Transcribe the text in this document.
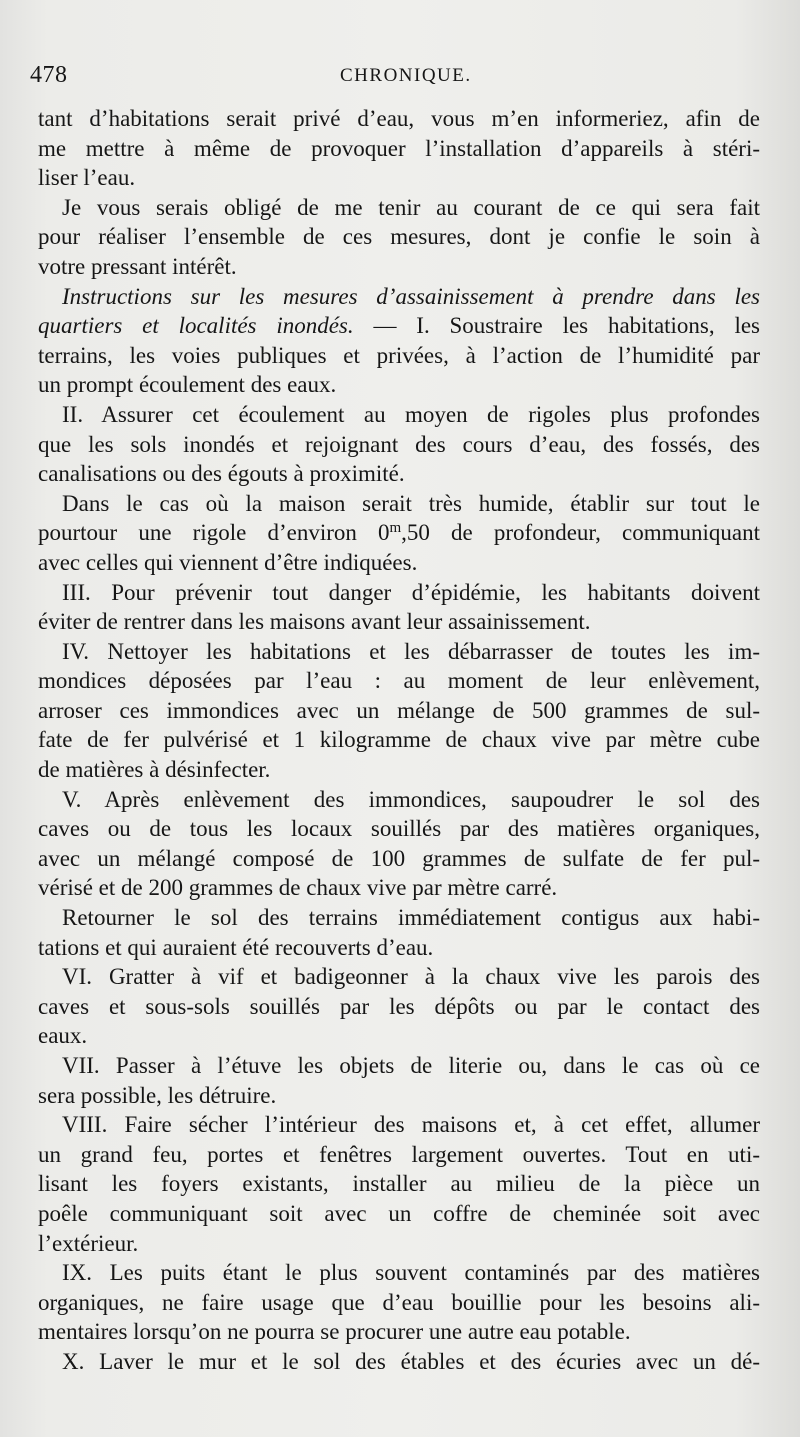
478	CHRONIQUE.
tant d’habitations serait privé d’eau, vous m’en informeriez, afin de
me mettre à même de provoquer l’installation d’appareils à stéri-
liser l’eau.
Je vous serais obligé de me tenir au courant de ce qui sera fait
pour réaliser l’ensemble de ces mesures, dont je confie le soin à
votre pressant intérêt.
Instructions sur les mesures d’assainissement à prendre dans les
quartiers et localités inondés. — I. Soustraire les habitations, les
terrains, les voies publiques et privées, à l’action de l’humidité par
un prompt écoulement des eaux.
II. Assurer cet écoulement au moyen de rigoles plus profondes
que les sols inondés et rejoignant des cours d’eau, des fossés, des
canalisations ou des égouts à proximité.
Dans le cas où la maison serait très humide, établir sur tout le
pourtour une rigole d’environ 0$^m$,50 de profondeur, communiquant
avec celles qui viennent d’être indiquées.
III. Pour prévenir tout danger d’épidémie, les habitants doivent
éviter de rentrer dans les maisons avant leur assainissement.
IV. Nettoyer les habitations et les débarrasser de toutes les im-
mondices déposées par l’eau : au moment de leur enlèvement,
arroser ces immondices avec un mélange de 500 grammes de sul-
fate de fer pulvérisé et 1 kilogramme de chaux vive par mètre cube
de matières à désinfecter.
V. Après enlèvement des immondices, saupoudrer le sol des
caves ou de tous les locaux souillés par des matières organiques,
avec un mélangé composé de 100 grammes de sulfate de fer pul-
vérisé et de 200 grammes de chaux vive par mètre carré.
Retourner le sol des terrains immédiatement contigus aux habi-
tations et qui auraient été recouverts d’eau.
VI. Gratter à vif et badigeonner à la chaux vive les parois des
caves et sous-sols souillés par les dépôts ou par le contact des
eaux.
VII. Passer à l’étuve les objets de literie ou, dans le cas où ce
sera possible, les détruire.
VIII. Faire sécher l’intérieur des maisons et, à cet effet, allumer
un grand feu, portes et fenêtres largement ouvertes. Tout en uti-
lisant les foyers existants, installer au milieu de la pièce un
poêle communiquant soit avec un coffre de cheminée soit avec
l’extérieur.
IX. Les puits étant le plus souvent contaminés par des matières
organiques, ne faire usage que d’eau bouillie pour les besoins ali-
mentaires lorsqu’on ne pourra se procurer une autre eau potable.
X. Laver le mur et le sol des étables et des écuries avec un dé-
